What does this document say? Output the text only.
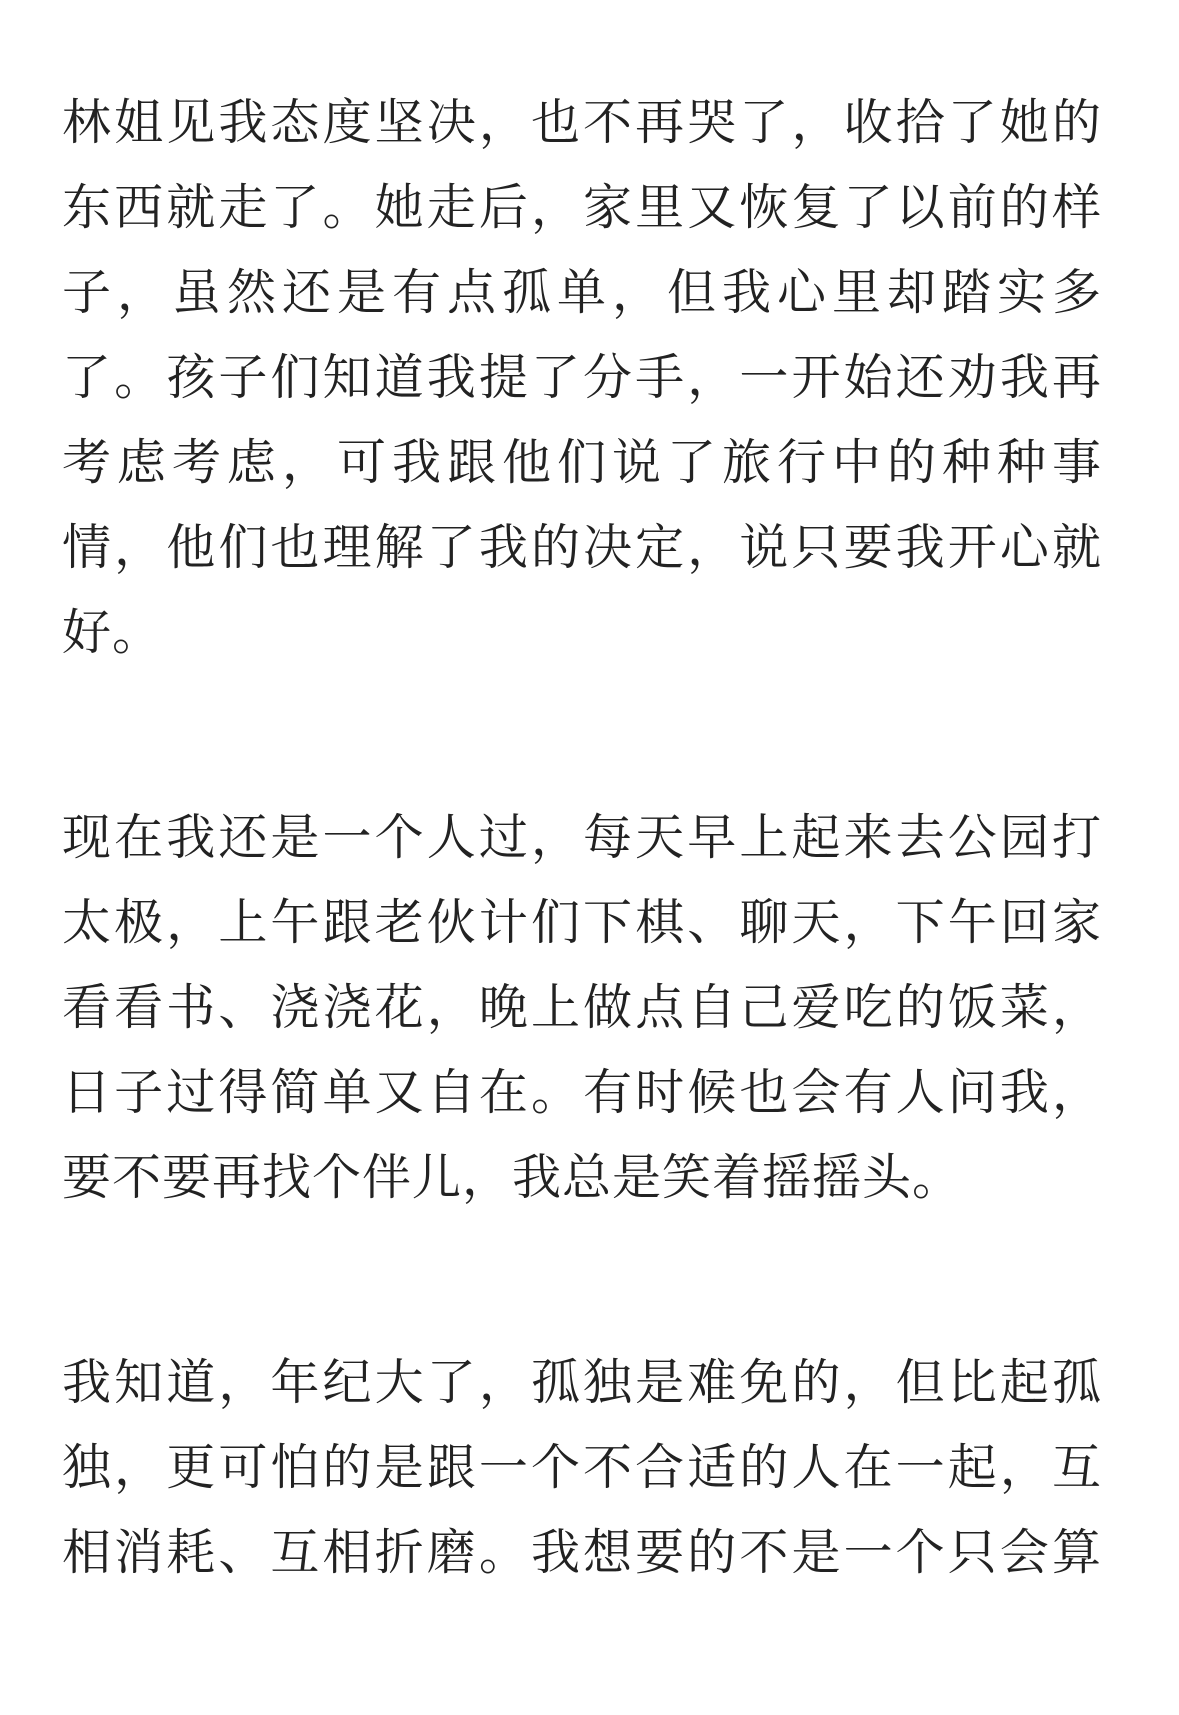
林姐见我态度坚决，也不再哭了，收拾了她的
东西就走了。她走后，家里又恢复了以前的样
子，虽然还是有点孤单，但我心里却踏实多
了。孩子们知道我提了分手，一开始还劝我再
考虑考虑，可我跟他们说了旅行中的种种事
情，他们也理解了我的决定，说只要我开心就
好。

现在我还是一个人过，每天早上起来去公园打
太极，上午跟老伙计们下棋、聊天，下午回家
看看书、浇浇花，晚上做点自己爱吃的饭菜，
日子过得简单又自在。有时候也会有人问我，
要不要再找个伴儿，我总是笑着摇摇头。

我知道，年纪大了，孤独是难免的，但比起孤
独，更可怕的是跟一个不合适的人在一起，互
相消耗、互相折磨。我想要的不是一个只会算
